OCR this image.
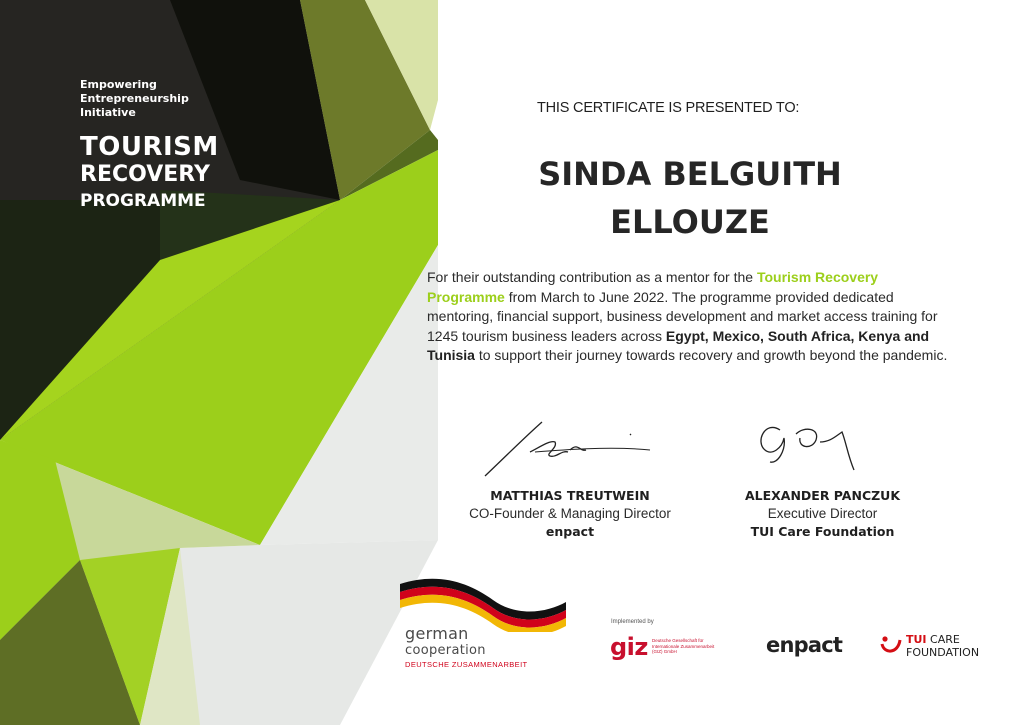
Empowering Entrepreneurship Initiative
TOURISM
RECOVERY
PROGRAMME
THIS CERTIFICATE IS PRESENTED TO:
SINDA BELGUITH
ELLOUZE
For their outstanding contribution as a mentor for the Tourism Recovery Programme from March to June 2022. The programme provided dedicated mentoring, financial support, business development and market access training for 1245 tourism business leaders across Egypt, Mexico, South Africa, Kenya and Tunisia to support their journey towards recovery and growth beyond the pandemic.
MATTHIAS TREUTWEIN
CO-Founder & Managing Director
enpact
ALEXANDER PANCZUK
Executive Director
TUI Care Foundation
german
cooperation
DEUTSCHE ZUSAMMENARBEIT
Implemented by
giz Deutsche Gesellschaft für Internationale Zusammenarbeit (GIZ) GmbH	enpact	TUI CARE
FOUNDATION
